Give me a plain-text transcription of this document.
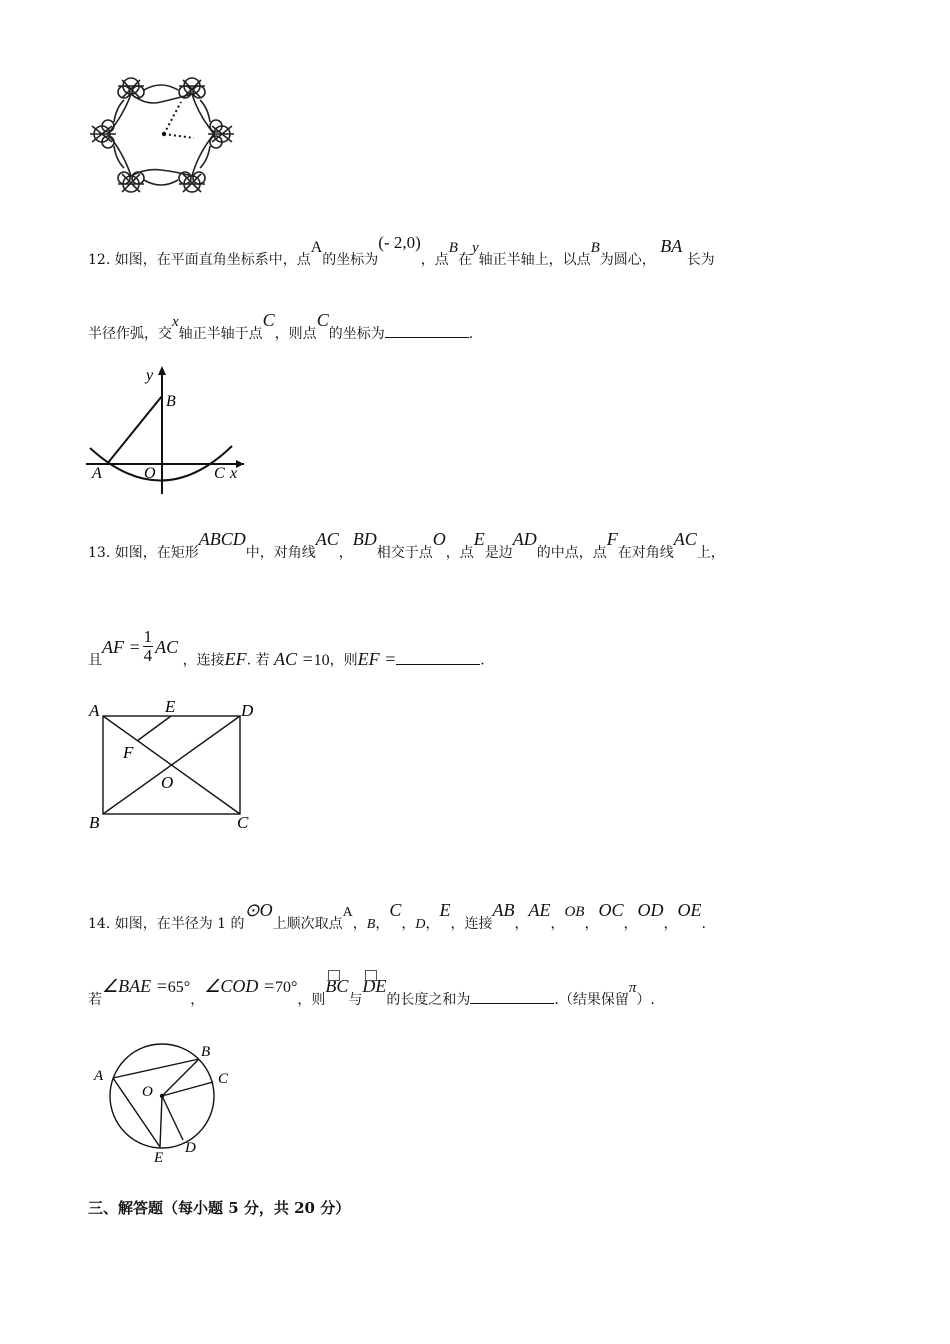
12. 如图，在平面直角坐标系中，点A的坐标为(- 2,0)，点B在y轴正半轴上，以点B为圆心， BA 长为
半径作弧，交x轴正半轴于点C，则点C的坐标为	.
y
B
A	O	C x
13. 如图，在矩形ABCD中，对角线AC，BD相交于点O，点E是边AD的中点，点F在对角线AC上，
且AF = $\frac{1}{4}$ AC ，连接EF. 若 AC =10，则EF =	.
A	E	D
F
O
B	C
14. 如图，在半径为 1 的⊙O上顺次取点A，B，C，D，E，连接AB，AE，OB，OC，OD，OE.
若∠BAE =65°，∠COD =70°，则BC与DE的长度之和为	.（结果保留π）.
A
B
C
O
D
E
三、解答题（每小题 5 分，共 20 分）
